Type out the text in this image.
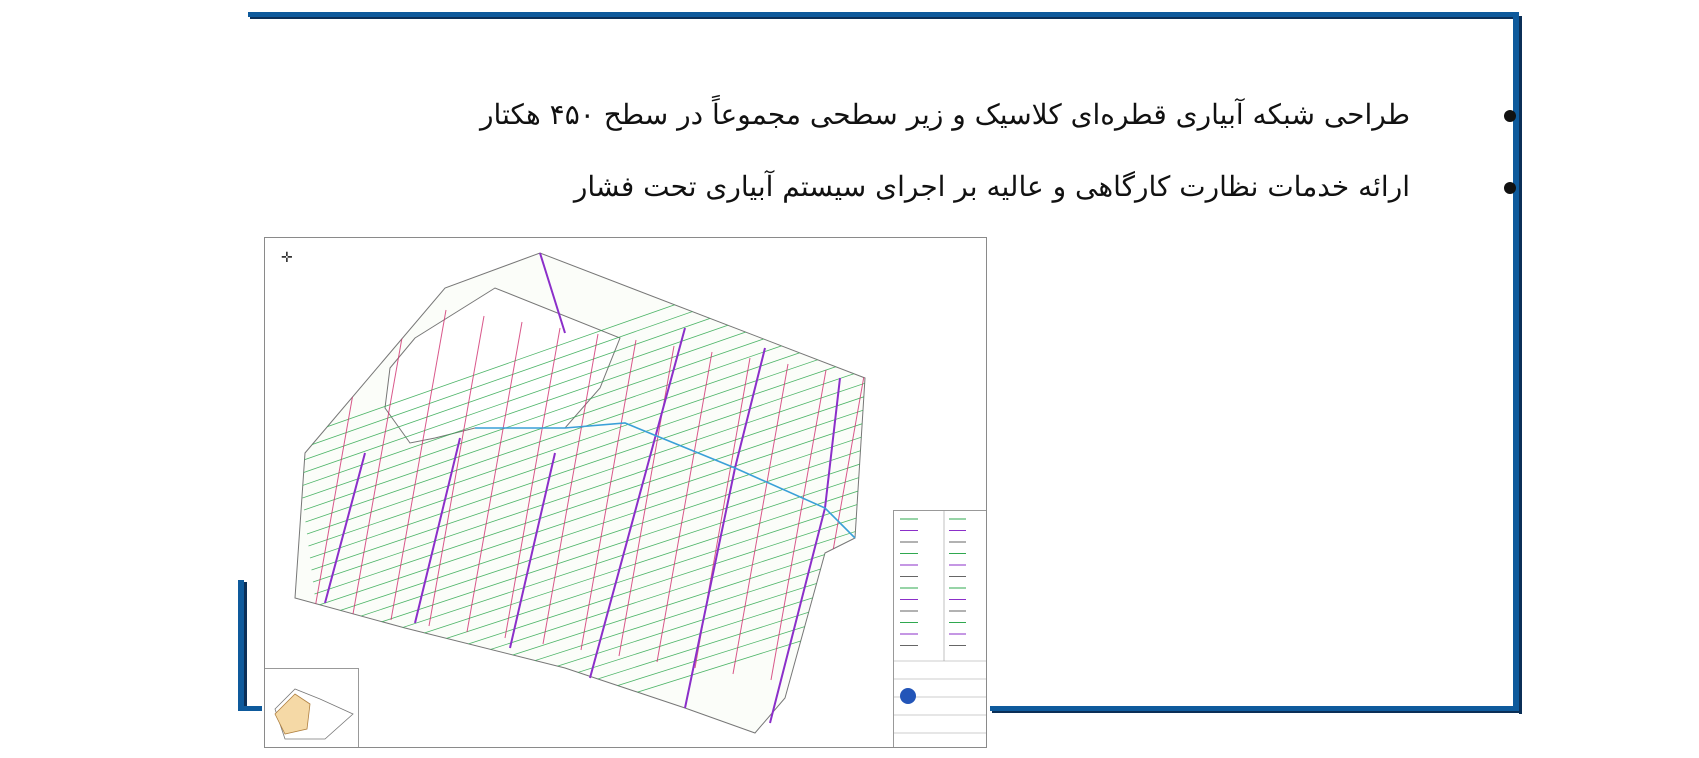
طراحی شبکه آبیاری قطره‌ای کلاسیک و زیر سطحی مجموعاً در سطح ۴۵۰ هکتار
ارائه خدمات نظارت کارگاهی و عالیه بر اجرای سیستم آبیاری تحت فشار
✛
